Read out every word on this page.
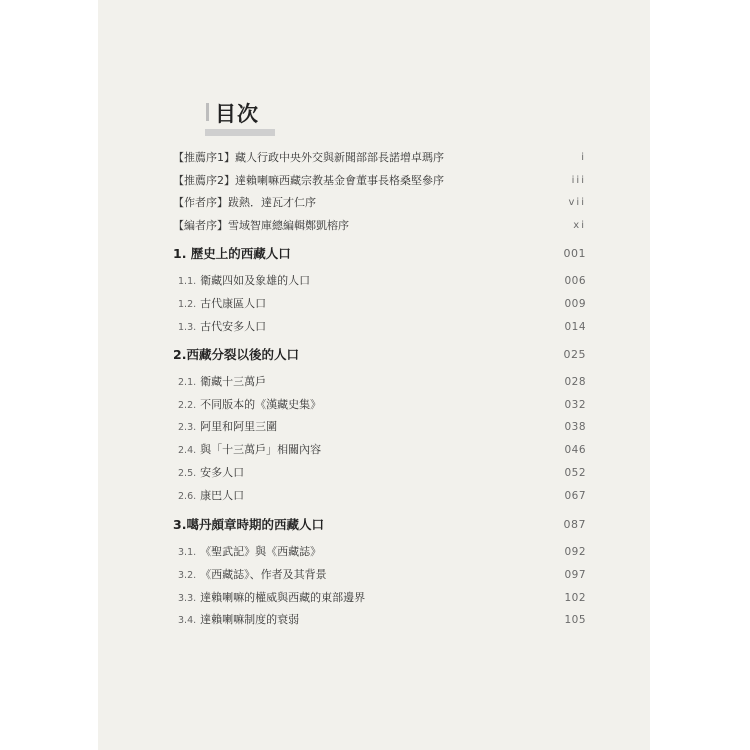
目次
【推薦序1】藏人行政中央外交與新聞部部長諾增卓瑪序	i
【推薦序2】達賴喇嘛西藏宗教基金會董事長格桑堅參序	iii
【作者序】跋熱．達瓦才仁序	vii
【編者序】雪域智庫總編輯鄭凱榕序	xi
1. 歷史上的西藏人口	001
1.1. 衛藏四如及象雄的人口	006
1.2. 古代康區人口	009
1.3. 古代安多人口	014
2.西藏分裂以後的人口	025
2.1. 衛藏十三萬戶	028
2.2. 不同版本的《漢藏史集》	032
2.3. 阿里和阿里三圍	038
2.4. 與「十三萬戶」相關內容	046
2.5. 安多人口	052
2.6. 康巴人口	067
3.噶丹頗章時期的西藏人口	087
3.1. 《聖武記》與《西藏誌》	092
3.2. 《西藏誌》、作者及其背景	097
3.3. 達賴喇嘛的權威與西藏的東部邊界	102
3.4. 達賴喇嘛制度的衰弱	105
